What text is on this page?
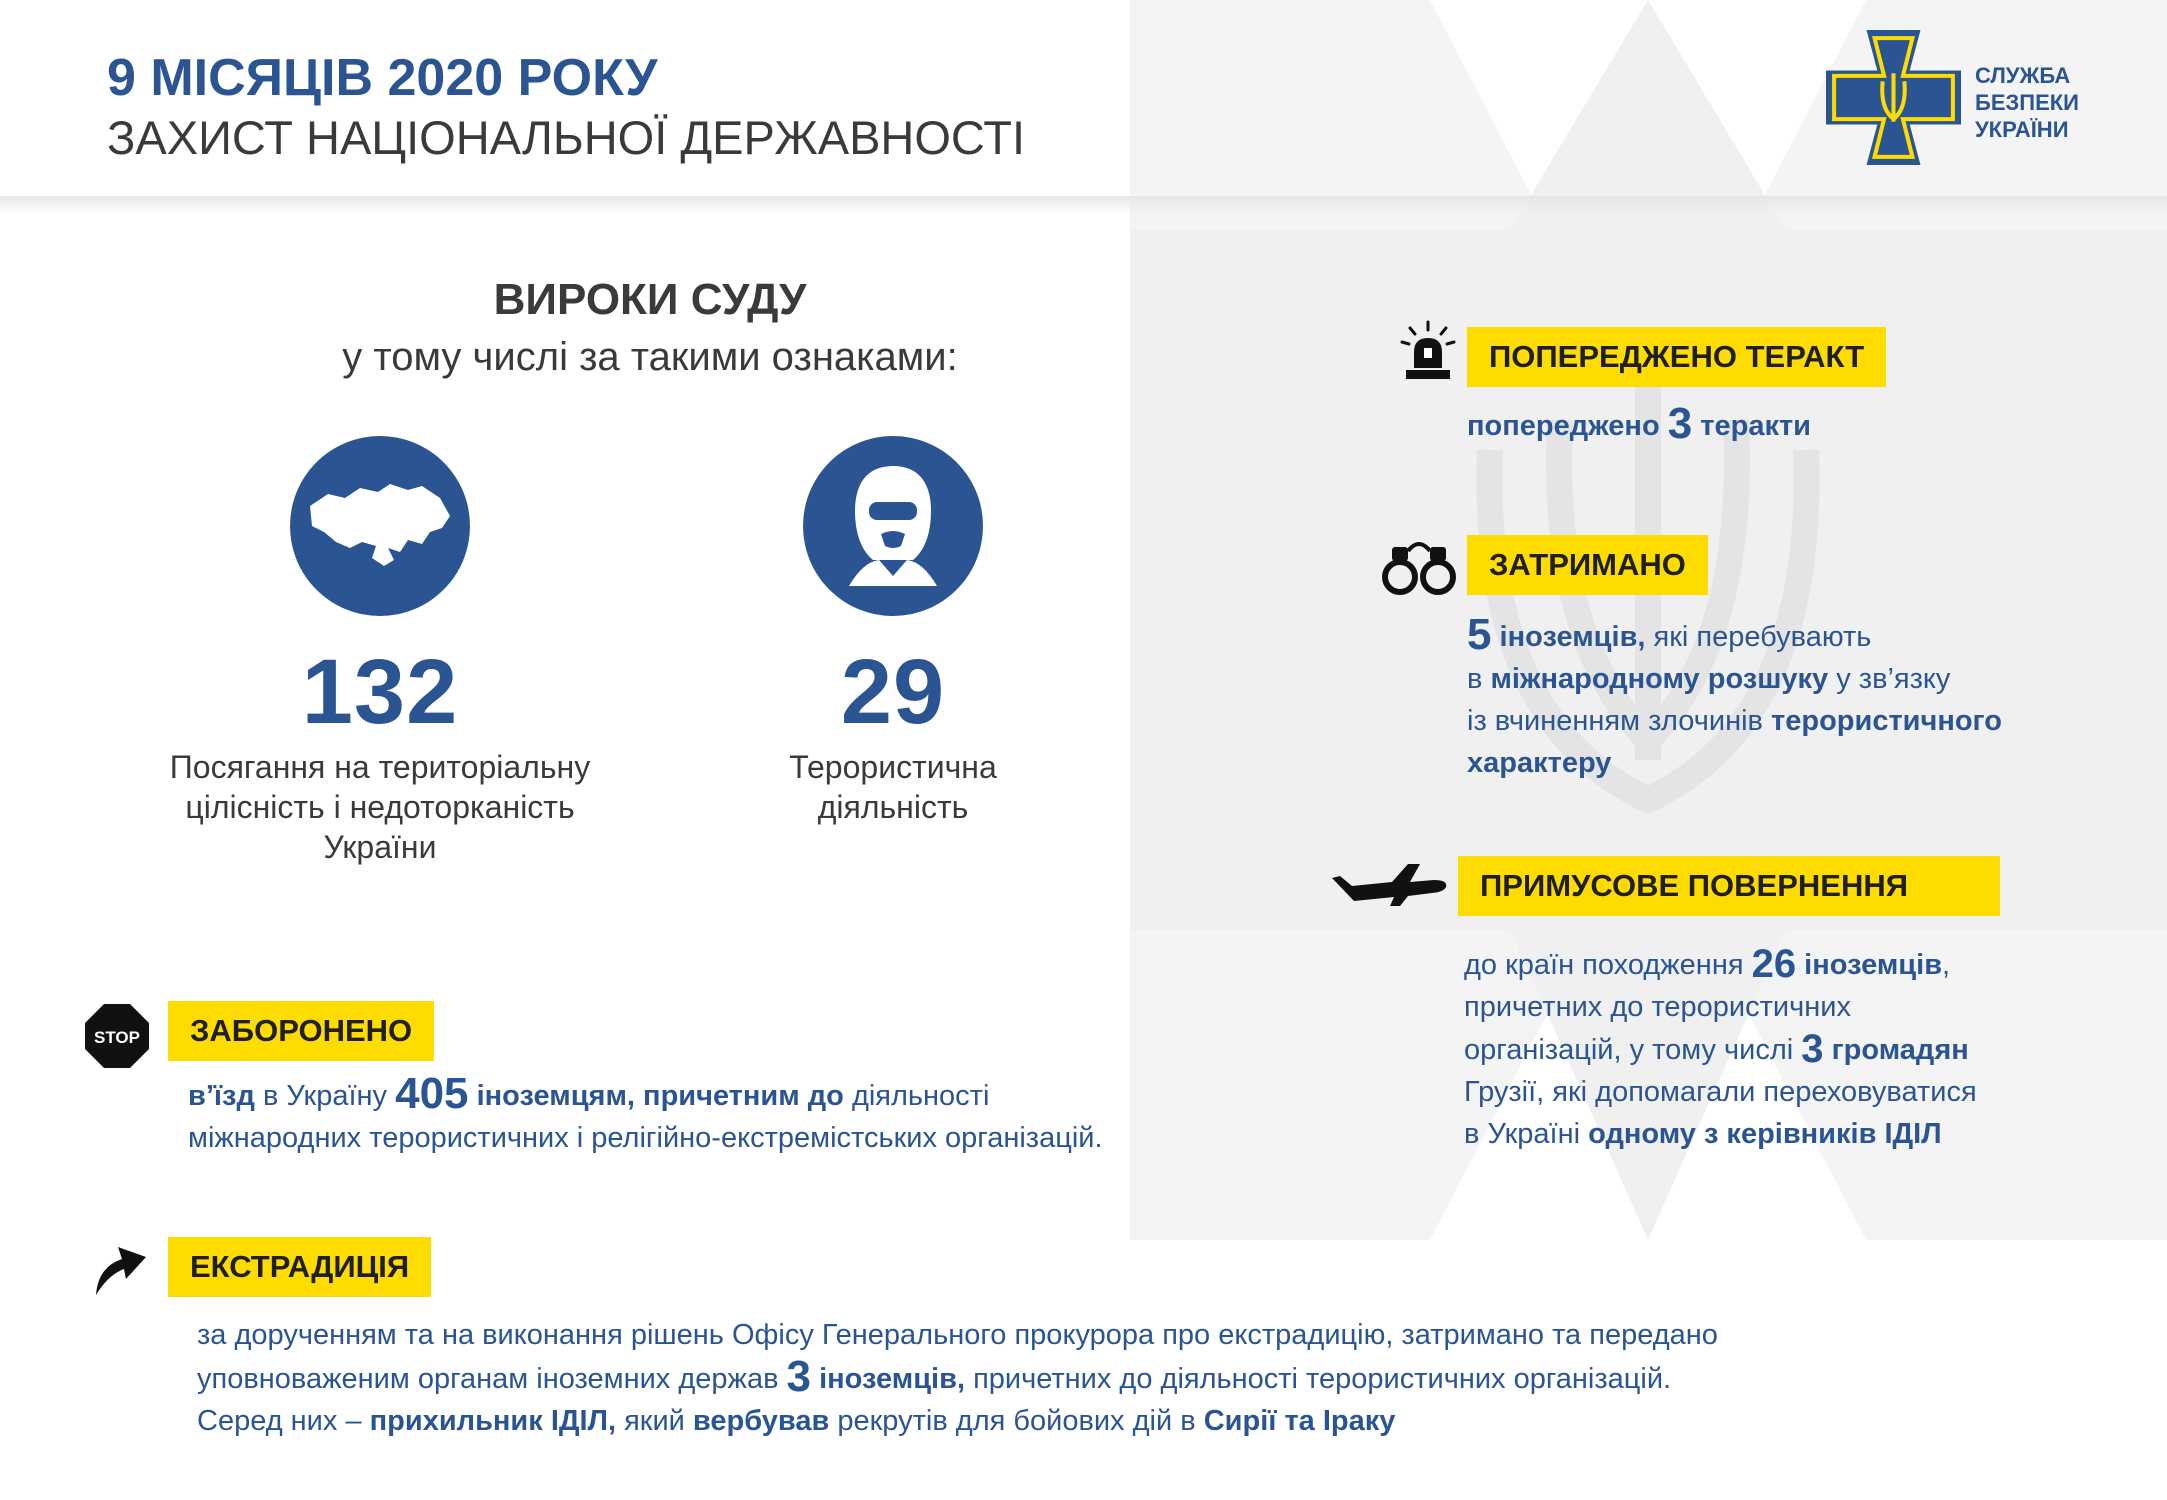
9 МІСЯЦІВ 2020 РОКУ
ЗАХИСТ НАЦІОНАЛЬНОЇ ДЕРЖАВНОСТІ
СЛУЖБА
БЕЗПЕКИ
УКРАЇНИ
ВИРОКИ СУДУ
у тому числі за такими ознаками:
132	29
Посягання на територіальну
цілісність і недоторканість
України
Терористична
діяльність
ПОПЕРЕДЖЕНО ТЕРАКТ
попереджено 3 теракти
ЗАТРИМАНО
5 іноземців, які перебувають
в міжнародному розшуку у зв’язку
із вчиненням злочинів терористичного
характеру
ПРИМУСОВЕ ПОВЕРНЕННЯ
до країн походження 26 іноземців,
причетних до терористичних
організацій, у тому числі 3 громадян
Грузії, які допомагали переховуватися
в Україні одному з керівників ІДІЛ
STOP	ЗАБОРОНЕНО
в’їзд в Україну 405 іноземцям, причетним до діяльності
міжнародних терористичних і релігійно-екстремістських організацій.
ЕКСТРАДИЦІЯ
за дорученням та на виконання рішень Офісу Генерального прокурора про екстрадицію, затримано та передано
уповноваженим органам іноземних держав 3 іноземців, причетних до діяльності терористичних організацій.
Серед них – прихильник ІДІЛ, який вербував рекрутів для бойових дій в Сирії та Іраку
